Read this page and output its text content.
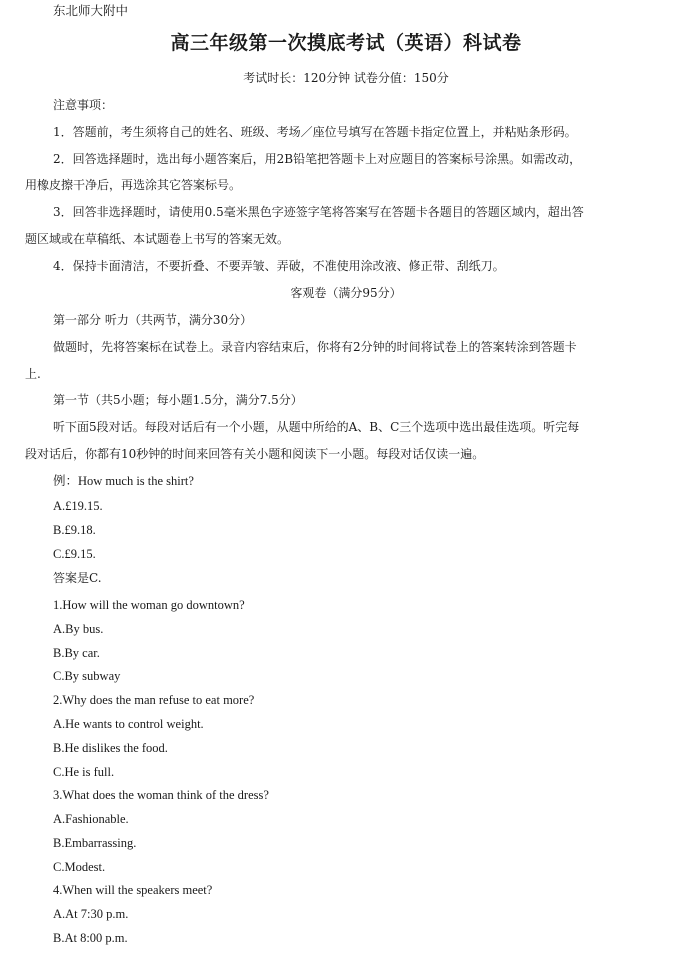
东北师大附中
高三年级第一次摸底考试（英语）科试卷
考试时长：120分钟 试卷分值：150分
注意事项：
1．答题前，考生须将自己的姓名、班级、考场／座位号填写在答题卡指定位置上，并粘贴条形码。
2．回答选择题时，选出每小题答案后，用2B铅笔把答题卡上对应题目的答案标号涂黑。如需改动，
用橡皮擦干净后，再选涂其它答案标号。
3．回答非选择题时，请使用0.5毫米黑色字迹签字笔将答案写在答题卡各题目的答题区域内，超出答
题区域或在草稿纸、本试题卷上书写的答案无效。
4．保持卡面清洁，不要折叠、不要弄皱、弄破，不准使用涂改液、修正带、刮纸刀。
客观卷（满分95分）
第一部分 听力（共两节，满分30分）
做题时，先将答案标在试卷上。录音内容结束后，你将有2分钟的时间将试卷上的答案转涂到答题卡
上.
第一节（共5小题；每小题1.5分，满分7.5分）
听下面5段对话。每段对话后有一个小题，从题中所给的A、B、C三个选项中选出最佳选项。听完每
段对话后，你都有10秒钟的时间来回答有关小题和阅读下一小题。每段对话仅读一遍。
例：How much is the shirt?
A.£19.15.
B.£9.18.
C.£9.15.
答案是C.
1.How will the woman go downtown?
A.By bus.
B.By car.
C.By subway
2.Why does the man refuse to eat more?
A.He wants to control weight.
B.He dislikes the food.
C.He is full.
3.What does the woman think of the dress?
A.Fashionable.
B.Embarrassing.
C.Modest.
4.When will the speakers meet?
A.At 7:30 p.m.
B.At 8:00 p.m.
